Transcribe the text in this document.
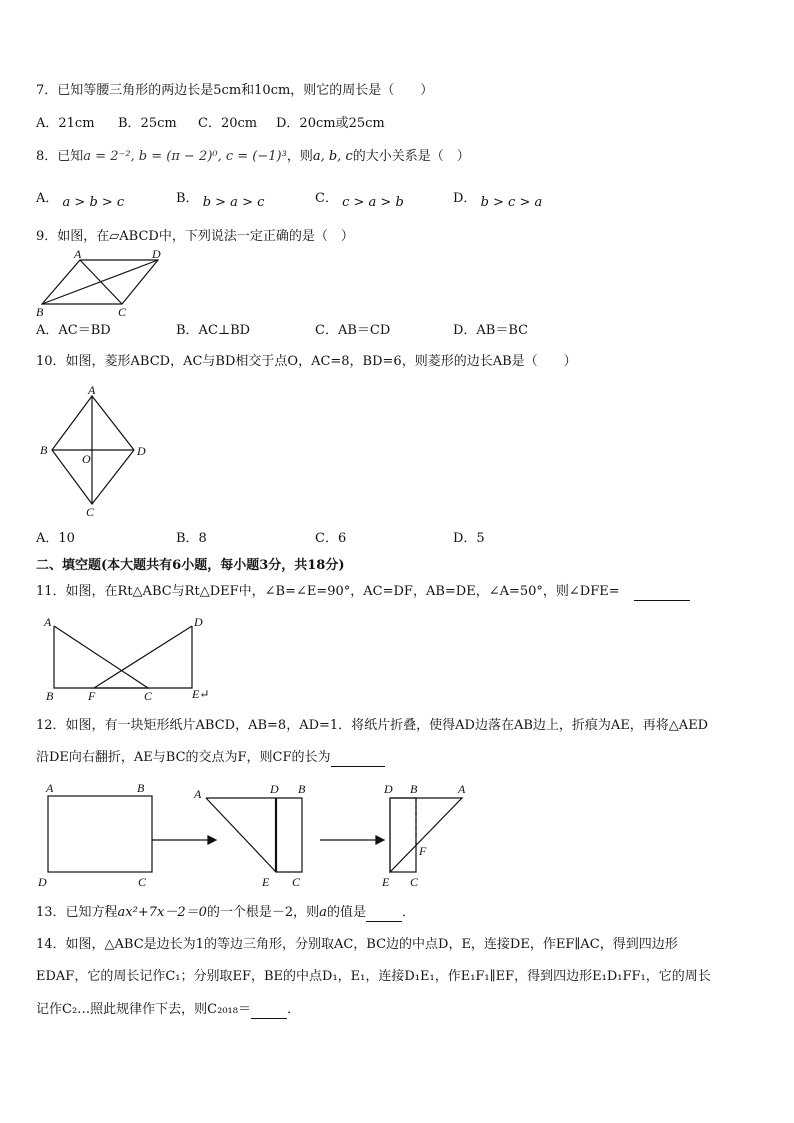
7．已知等腰三角形的两边长是5cm和10cm，则它的周长是（　　）
A．21cm B．25cm C．20cm D．20cm或25cm
8．已知a = 2⁻², b = (π − 2)⁰, c = (−1)³，则a, b, c的大小关系是（　）
A． a > b > c	B． b > a > c	C． c > a > b	D． b > c > a
9．如图，在▱ABCD中，下列说法一定正确的是（　）
A	D
B	C
A．AC＝BD	B．AC⊥BD	C．AB＝CD	D．AB＝BC
10．如图，菱形ABCD，AC与BD相交于点O，AC=8，BD=6，则菱形的边长AB是（　　）
A
B
O
D
C
A．10	B．8	C．6	D．5
二、填空题(本大题共有6小题，每小题3分，共18分)
11．如图，在Rt△ABC与Rt△DEF中，∠B=∠E=90°，AC=DF，AB=DE，∠A=50°，则∠DFE=
A	D
B	F	C	E↵
12．如图，有一块矩形纸片ABCD，AB=8，AD=1．将纸片折叠，使得AD边落在AB边上，折痕为AE，再将△AED
沿DE向右翻折，AE与BC的交点为F，则CF的长为
A	B
D	C
A	D B
E C
D B	A
F
E C
13．已知方程ax²+7x－2＝0的一个根是－2，则a的值是	．
14．如图，△ABC是边长为1的等边三角形，分别取AC，BC边的中点D，E，连接DE，作EF∥AC，得到四边形
EDAF，它的周长记作C₁；分别取EF，BE的中点D₁，E₁，连接D₁E₁，作E₁F₁∥EF，得到四边形E₁D₁FF₁，它的周长
记作C₂…照此规律作下去，则C₂₀₁₈＝	．
